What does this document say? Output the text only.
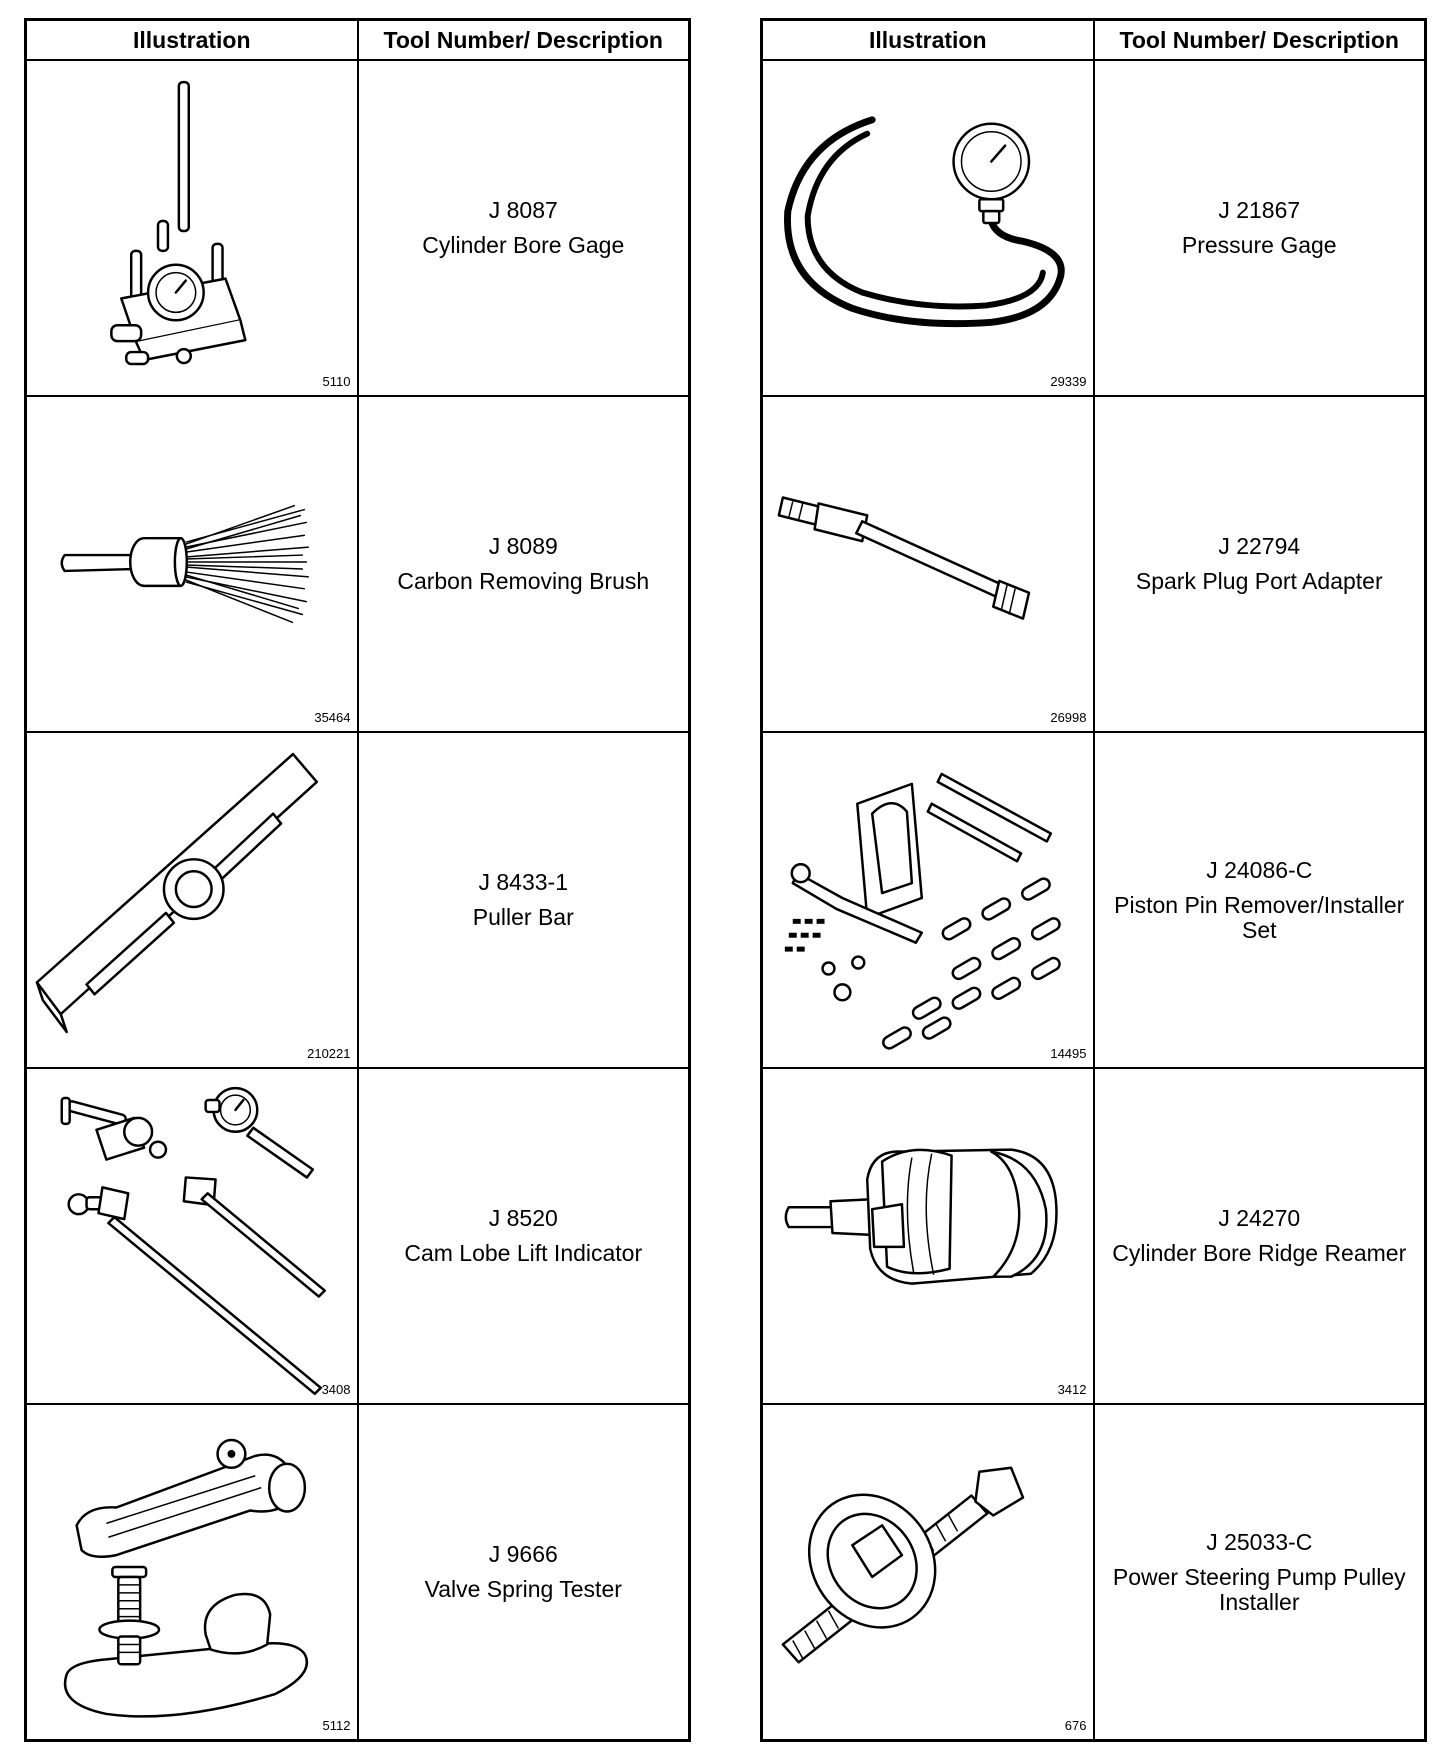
Illustration	Tool Number/ Description

5110	J 8087
Cylinder Bore Gage

35464	J 8089
Carbon Removing Brush

210221	J 8433-1
Puller Bar

3408	J 8520
Cam Lobe Lift Indicator

5112	J 9666
Valve Spring Tester
Illustration	Tool Number/ Description

29339	J 21867
Pressure Gage

26998	J 22794
Spark Plug Port Adapter

14495	J 24086-C
Piston Pin Remover/Installer Set

3412	J 24270
Cylinder Bore Ridge Reamer

676	J 25033-C
Power Steering Pump Pulley Installer
